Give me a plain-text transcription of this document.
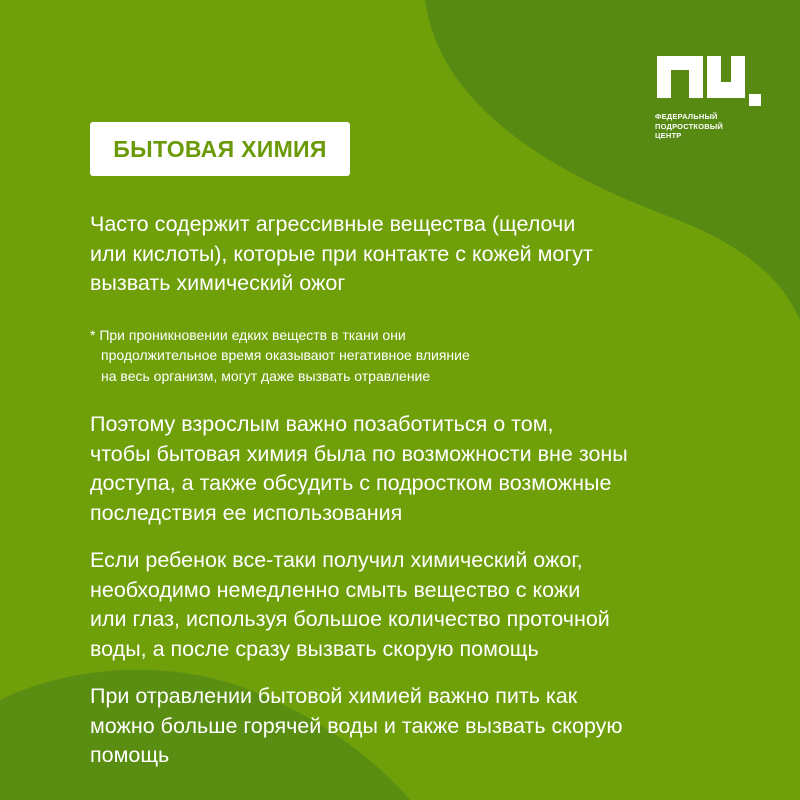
ФЕДЕРАЛЬНЫЙ
ПОДРОСТКОВЫЙ
ЦЕНТР
БЫТОВАЯ ХИМИЯ

Часто содержит агрессивные вещества (щелочи
или кислоты), которые при контакте с кожей могут
вызвать химический ожог

* При проникновении едких веществ в ткани они
продолжительное время оказывают негативное влияние
на весь организм, могут даже вызвать отравление

Поэтому взрослым важно позаботиться о том,
чтобы бытовая химия была по возможности вне зоны
доступа, а также обсудить с подростком возможные
последствия ее использования

Если ребенок все-таки получил химический ожог,
необходимо немедленно смыть вещество с кожи
или глаз, используя большое количество проточной
воды, а после сразу вызвать скорую помощь

При отравлении бытовой химией важно пить как
можно больше горячей воды и также вызвать скорую
помощь
